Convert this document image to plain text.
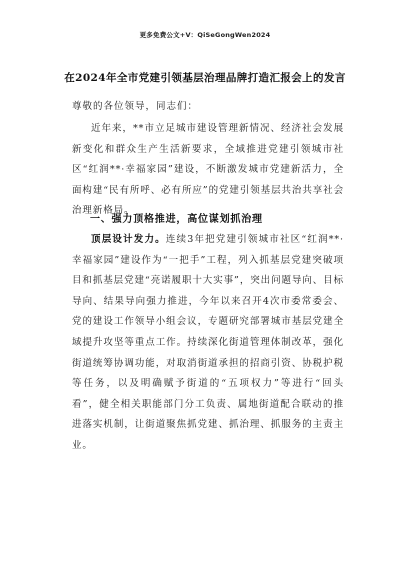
更多免费公文+V：QiSeGongWen2024
在2024年全市党建引领基层治理品牌打造汇报会上的发言
尊敬的各位领导，同志们：

近年来，**市立足城市建设管理新情况、经济社会发展新变化和群众生产生活新要求，全域推进党建引领城市社区“红润**·幸福家园”建设，不断激发城市党建新活力，全面构建“民有所呼、必有所应”的党建引领基层共治共享社会治理新格局。

一、强力顶格推进，高位谋划抓治理

顶层设计发力。连续3年把党建引领城市社区“红润**·幸福家园”建设作为“一把手”工程，列入抓基层党建突破项目和抓基层党建“亮诺履职十大实事”，突出问题导向、目标导向、结果导向强力推进，今年以来召开4次市委常委会、党的建设工作领导小组会议，专题研究部署城市基层党建全域提升攻坚等重点工作。持续深化街道管理体制改革，强化街道统筹协调功能，对取消街道承担的招商引资、协税护税等任务，以及明确赋予街道的“五项权力”等进行“回头看”，健全相关职能部门分工负责、属地街道配合联动的推进落实机制，让街道聚焦抓党建、抓治理、抓服务的主责主业。
